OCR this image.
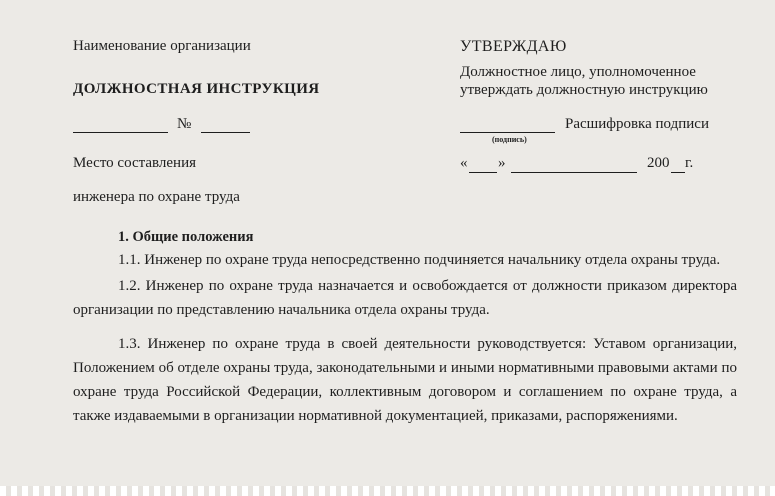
Наименование организации
ДОЛЖНОСТНАЯ ИНСТРУКЦИЯ
№
Место составления
инженера по охране труда
УТВЕРЖДАЮ
Должностное лицо, уполномоченное
утверждать должностную инструкцию
(подпись)
Расшифровка подписи
« »	200 г.
1. Общие положения

1.1. Инженер по охране труда непосредственно подчиняется начальнику отдела охраны труда.

1.2. Инженер по охране труда назначается и освобождается от должности приказом директора организации по представлению начальника отдела охраны труда.

1.3. Инженер по охране труда в своей деятельности руководствуется: Уставом организации, Положением об отделе охраны труда, законодательными и иными нормативными правовыми актами по охране труда Российской Федерации, коллективным договором и соглашением по охране труда, а также издаваемыми в организации нормативной документацией, приказами, распоряжениями.
